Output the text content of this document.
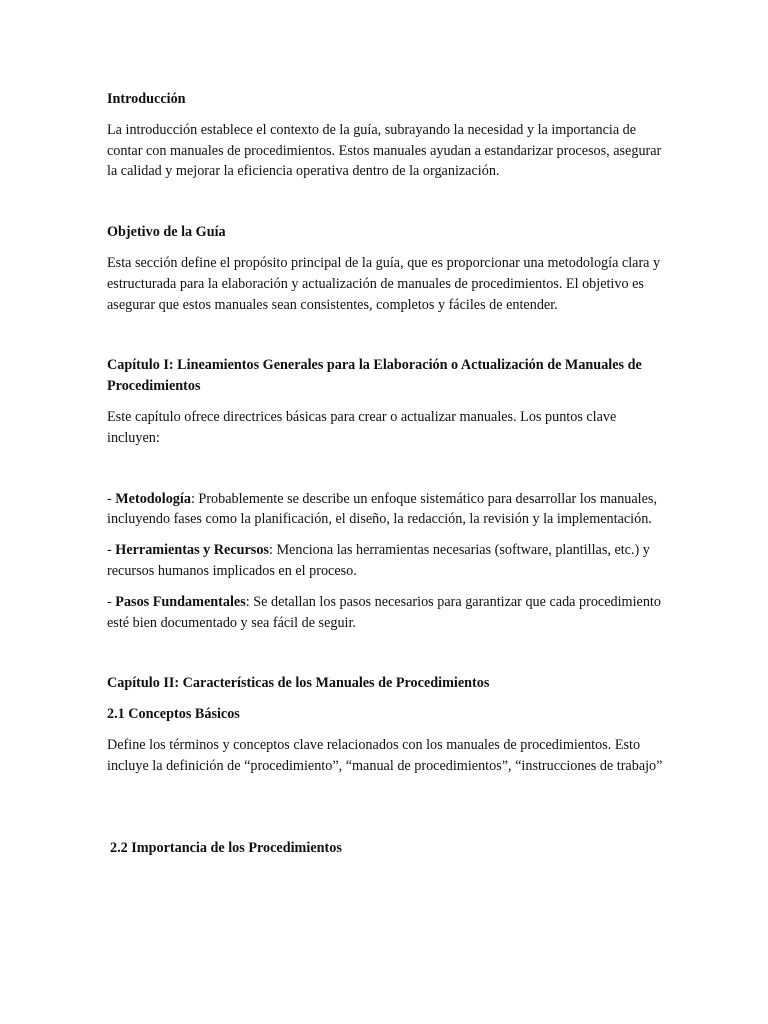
Introducción

La introducción establece el contexto de la guía, subrayando la necesidad y la importancia de contar con manuales de procedimientos. Estos manuales ayudan a estandarizar procesos, asegurar la calidad y mejorar la eficiencia operativa dentro de la organización.

Objetivo de la Guía

Esta sección define el propósito principal de la guía, que es proporcionar una metodología clara y estructurada para la elaboración y actualización de manuales de procedimientos. El objetivo es asegurar que estos manuales sean consistentes, completos y fáciles de entender.

Capítulo I: Lineamientos Generales para la Elaboración o Actualización de Manuales de Procedimientos

Este capítulo ofrece directrices básicas para crear o actualizar manuales. Los puntos clave incluyen:

- Metodología: Probablemente se describe un enfoque sistemático para desarrollar los manuales, incluyendo fases como la planificación, el diseño, la redacción, la revisión y la implementación.

- Herramientas y Recursos: Menciona las herramientas necesarias (software, plantillas, etc.) y recursos humanos implicados en el proceso.

- Pasos Fundamentales: Se detallan los pasos necesarios para garantizar que cada procedimiento esté bien documentado y sea fácil de seguir.

Capítulo II: Características de los Manuales de Procedimientos

2.1 Conceptos Básicos

Define los términos y conceptos clave relacionados con los manuales de procedimientos. Esto incluye la definición de “procedimiento”, “manual de procedimientos”, “instrucciones de trabajo”

2.2 Importancia de los Procedimientos
